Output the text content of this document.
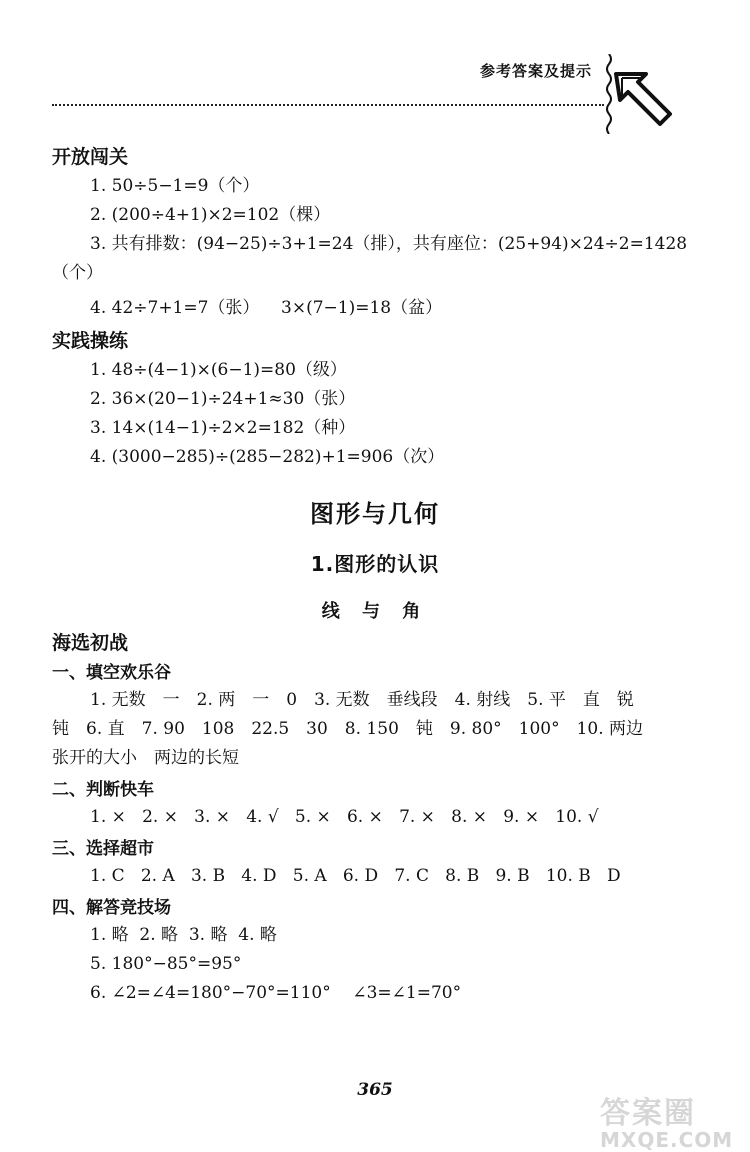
参考答案及提示
开放闯关
1. 50÷5−1=9（个）
2. (200÷4+1)×2=102（棵）
3. 共有排数：(94−25)÷3+1=24（排），共有座位：(25+94)×24÷2=1428
（个）
4. 42÷7+1=7（张）    3×(7−1)=18（盆）
实践操练
1. 48÷(4−1)×(6−1)=80（级）
2. 36×(20−1)÷24+1≈30（张）
3. 14×(14−1)÷2×2=182（种）
4. (3000−285)÷(285−282)+1=906（次）
图形与几何
1.图形的认识
线 与 角
海选初战
一、填空欢乐谷
1. 无数　一　2. 两　一　0　3. 无数　垂线段　4. 射线　5. 平　直　锐　钝　6. 直　7. 90　108　22.5　30　8. 150　钝　9. 80°　100°　10. 两边张开的大小　两边的长短
二、判断快车
1. ×   2. ×   3. ×   4. √   5. ×   6. ×   7. ×   8. ×   9. ×   10. √
三、选择超市
1. C   2. A   3. B   4. D   5. A   6. D   7. C   8. B   9. B   10. B   D
四、解答竞技场
1. 略  2. 略  3. 略  4. 略
5. 180°−85°=95°
6. ∠2=∠4=180°−70°=110°    ∠3=∠1=70°
365
答案圈
MXQE.COM
